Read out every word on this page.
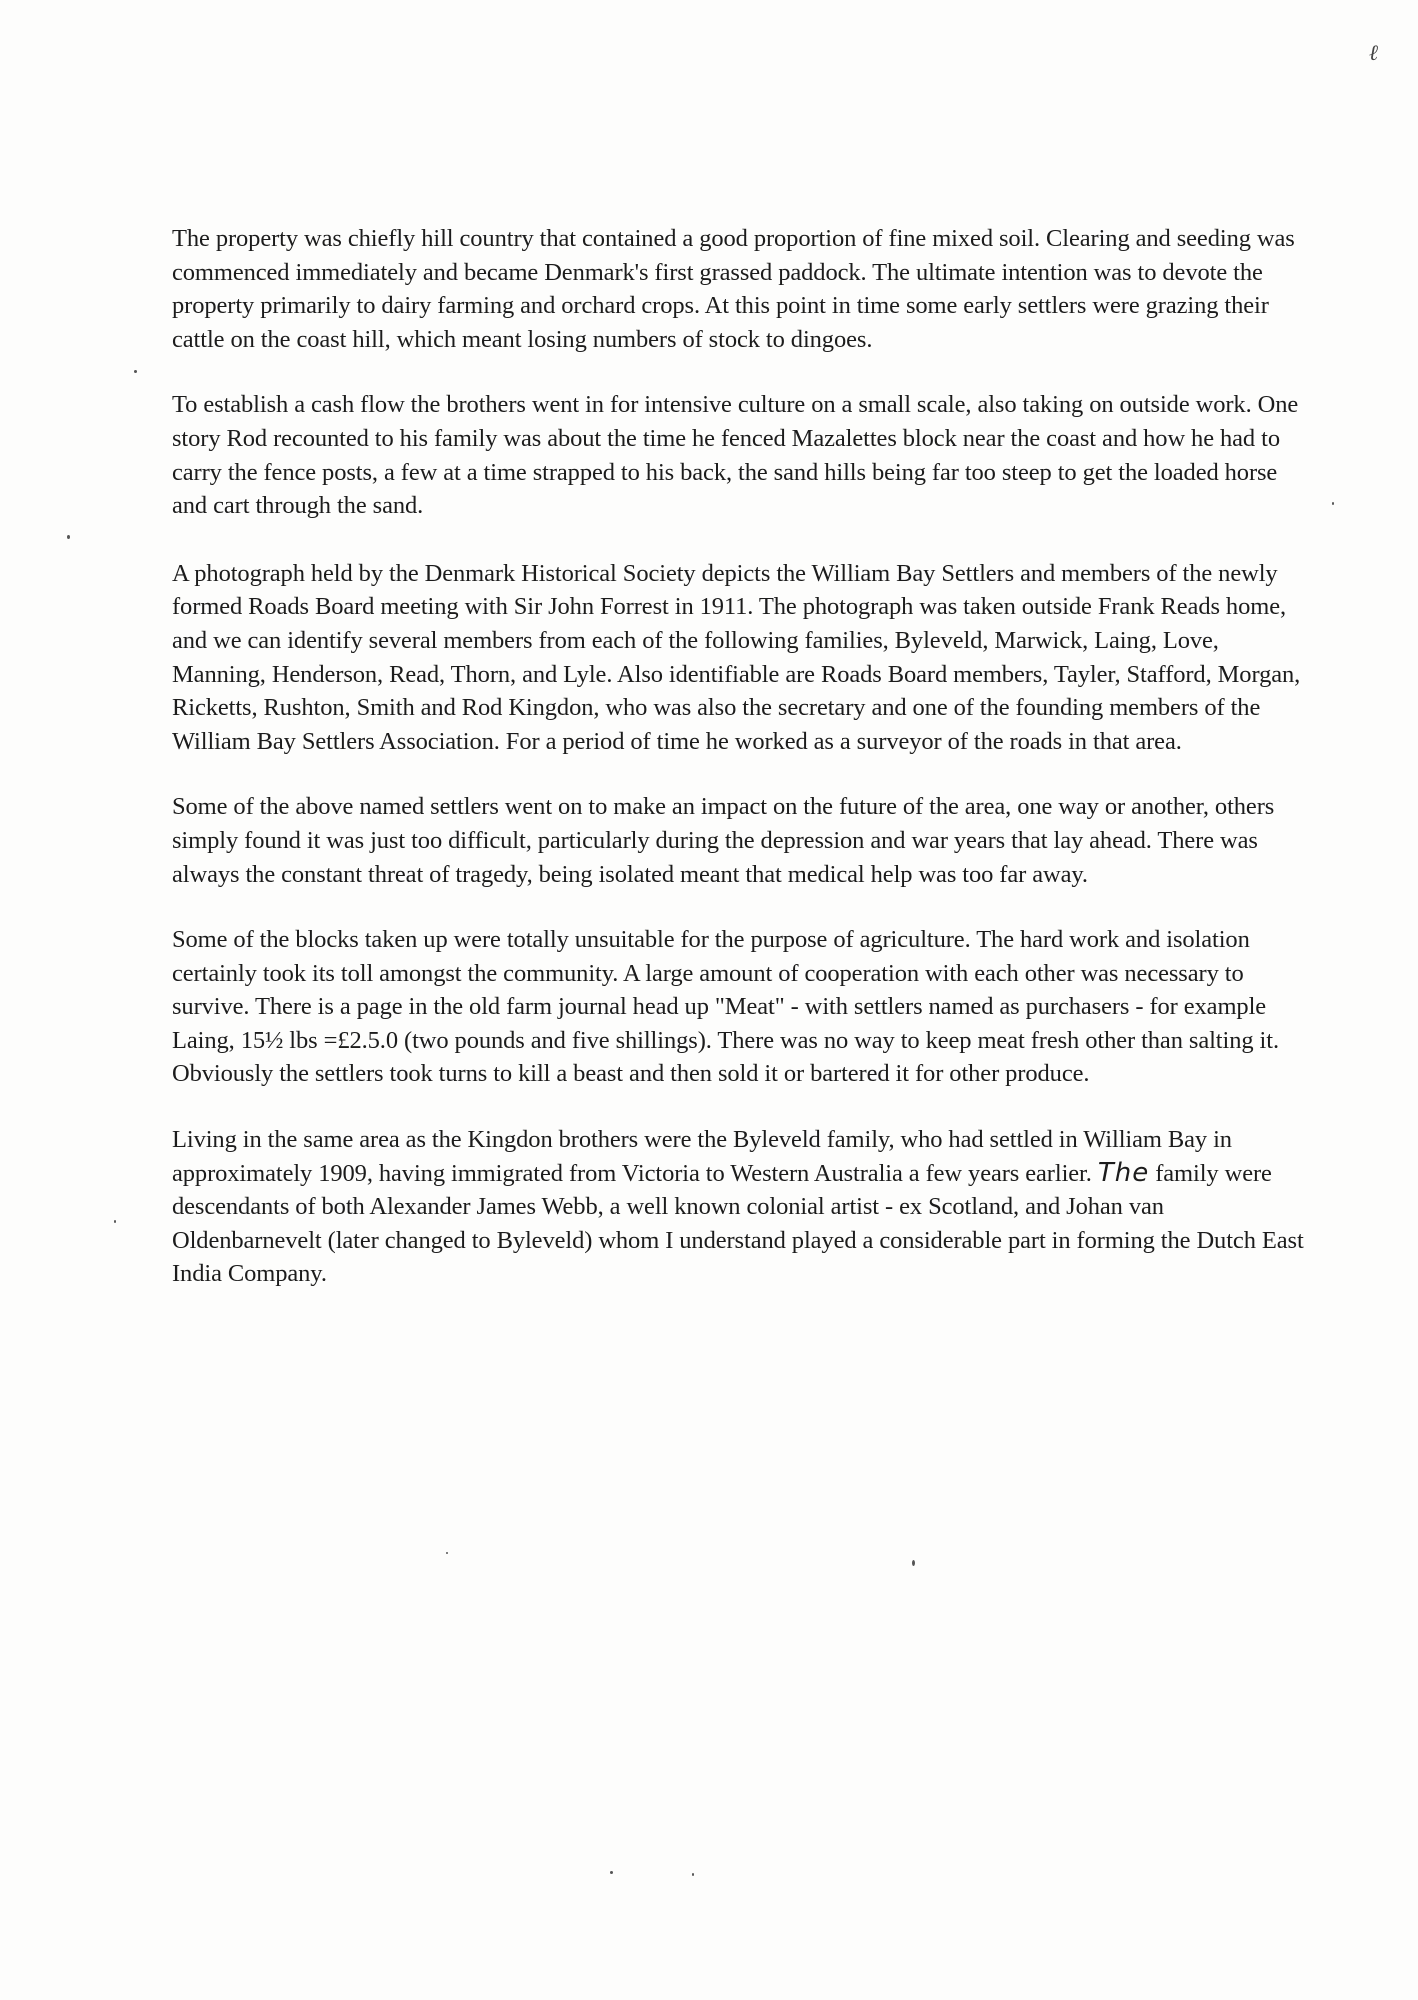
ℓ

The property was chiefly hill country that contained a good proportion of fine mixed soil. Clearing and seeding was commenced immediately and became Denmark's first grassed paddock. The ultimate intention was to devote the property primarily to dairy farming and orchard crops. At this point in time some early settlers were grazing their cattle on the coast hill, which meant losing numbers of stock to dingoes.

To establish a cash flow the brothers went in for intensive culture on a small scale, also taking on outside work. One story Rod recounted to his family was about the time he fenced Mazalettes block near the coast and how he had to carry the fence posts, a few at a time strapped to his back, the sand hills being far too steep to get the loaded horse and cart through the sand.

A photograph held by the Denmark Historical Society depicts the William Bay Settlers and members of the newly formed Roads Board meeting with Sir John Forrest in 1911. The photograph was taken outside Frank Reads home, and we can identify several members from each of the following families, Byleveld, Marwick, Laing, Love, Manning, Henderson, Read, Thorn, and Lyle. Also identifiable are Roads Board members, Tayler, Stafford, Morgan, Ricketts, Rushton, Smith and Rod Kingdon, who was also the secretary and one of the founding members of the William Bay Settlers Association. For a period of time he worked as a surveyor of the roads in that area.

Some of the above named settlers went on to make an impact on the future of the area, one way or another, others simply found it was just too difficult, particularly during the depression and war years that lay ahead. There was always the constant threat of tragedy, being isolated meant that medical help was too far away.

Some of the blocks taken up were totally unsuitable for the purpose of agriculture. The hard work and isolation certainly took its toll amongst the community. A large amount of cooperation with each other was necessary to survive. There is a page in the old farm journal head up "Meat" - with settlers named as purchasers - for example Laing, 15½ lbs =£2.5.0 (two pounds and five shillings). There was no way to keep meat fresh other than salting it. Obviously the settlers took turns to kill a beast and then sold it or bartered it for other produce.

Living in the same area as the Kingdon brothers were the Byleveld family, who had settled in William Bay in approximately 1909, having immigrated from Victoria to Western Australia a few years earlier. The family were descendants of both Alexander James Webb, a well known colonial artist - ex Scotland, and Johan van Oldenbarnevelt (later changed to Byleveld) whom I understand played a considerable part in forming the Dutch East India Company.
